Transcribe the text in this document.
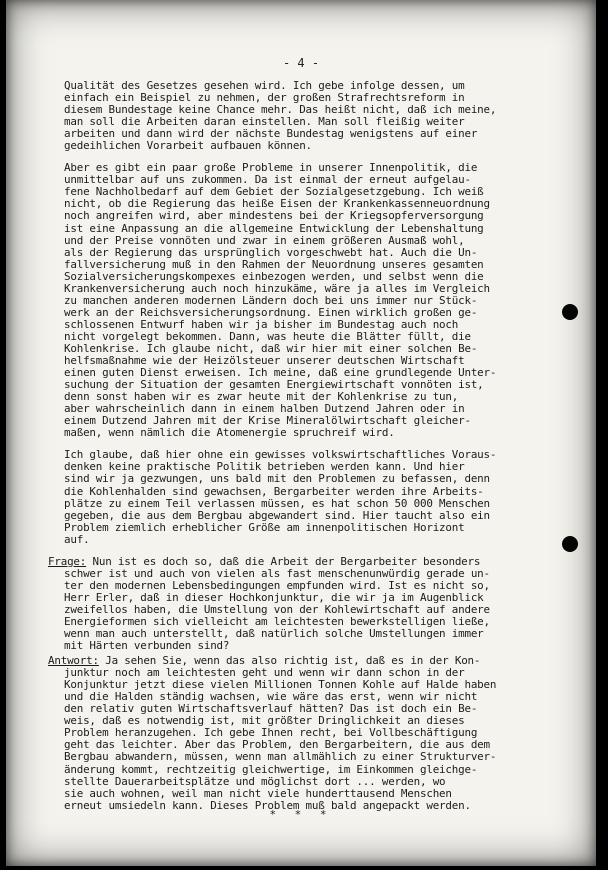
- 4 -

Qualität des Gesetzes gesehen wird. Ich gebe infolge dessen, um
einfach ein Beispiel zu nehmen, der großen Strafrechtsreform in
diesem Bundestage keine Chance mehr. Das heißt nicht, daß ich meine,
man soll die Arbeiten daran einstellen. Man soll fleißig weiter
arbeiten und dann wird der nächste Bundestag wenigstens auf einer
gedeihlichen Vorarbeit aufbauen können.

Aber es gibt ein paar große Probleme in unserer Innenpolitik, die
unmittelbar auf uns zukommen. Da ist einmal der erneut aufgelau-
fene Nachholbedarf auf dem Gebiet der Sozialgesetzgebung. Ich weiß
nicht, ob die Regierung das heiße Eisen der Krankenkassenneuordnung
noch angreifen wird, aber mindestens bei der Kriegsopferversorgung
ist eine Anpassung an die allgemeine Entwicklung der Lebenshaltung
und der Preise vonnöten und zwar in einem größeren Ausmaß wohl,
als der Regierung das ursprünglich vorgeschwebt hat. Auch die Un-
fallversicherung muß in den Rahmen der Neuordnung unseres gesamten
Sozialversicherungskompexes einbezogen werden, und selbst wenn die
Krankenversicherung auch noch hinzukäme, wäre ja alles im Vergleich
zu manchen anderen modernen Ländern doch bei uns immer nur Stück-
werk an der Reichsversicherungsordnung. Einen wirklich großen ge-
schlossenen Entwurf haben wir ja bisher im Bundestag auch noch
nicht vorgelegt bekommen. Dann, was heute die Blätter füllt, die
Kohlenkrise. Ich glaube nicht, daß wir hier mit einer solchen Be-
helfsmaßnahme wie der Heizölsteuer unserer deutschen Wirtschaft
einen guten Dienst erweisen. Ich meine, daß eine grundlegende Unter-
suchung der Situation der gesamten Energiewirtschaft vonnöten ist,
denn sonst haben wir es zwar heute mit der Kohlenkrise zu tun,
aber wahrscheinlich dann in einem halben Dutzend Jahren oder in
einem Dutzend Jahren mit der Krise Mineralölwirtschaft gleicher-
maßen, wenn nämlich die Atomenergie spruchreif wird.

Ich glaube, daß hier ohne ein gewisses volkswirtschaftliches Voraus-
denken keine praktische Politik betrieben werden kann. Und hier
sind wir ja gezwungen, uns bald mit den Problemen zu befassen, denn
die Kohlenhalden sind gewachsen, Bergarbeiter werden ihre Arbeits-
plätze zu einem Teil verlassen müssen, es hat schon 50 000 Menschen
gegeben, die aus dem Bergbau abgewandert sind. Hier taucht also ein
Problem ziemlich erheblicher Größe am innenpolitischen Horizont
auf.

Frage: Nun ist es doch so, daß die Arbeit der Bergarbeiter besonders
schwer ist und auch von vielen als fast menschenunwürdig gerade un-
ter den modernen Lebensbedingungen empfunden wird. Ist es nicht so,
Herr Erler, daß in dieser Hochkonjunktur, die wir ja im Augenblick
zweifellos haben, die Umstellung von der Kohlewirtschaft auf andere
Energieformen sich vielleicht am leichtesten bewerkstelligen ließe,
wenn man auch unterstellt, daß natürlich solche Umstellungen immer
mit Härten verbunden sind?
Antwort: Ja sehen Sie, wenn das also richtig ist, daß es in der Kon-
junktur noch am leichtesten geht und wenn wir dann schon in der
Konjunktur jetzt diese vielen Millionen Tonnen Kohle auf Halde haben
und die Halden ständig wachsen, wie wäre das erst, wenn wir nicht
den relativ guten Wirtschaftsverlauf hätten? Das ist doch ein Be-
weis, daß es notwendig ist, mit größter Dringlichkeit an dieses
Problem heranzugehen. Ich gebe Ihnen recht, bei Vollbeschäftigung
geht das leichter. Aber das Problem, den Bergarbeitern, die aus dem
Bergbau abwandern, müssen, wenn man allmählich zu einer Strukturver-
änderung kommt, rechtzeitig gleichwertige, im Einkommen gleichge-
stellte Dauerarbeitsplätze und möglichst dort ... werden, wo
sie auch wohnen, weil man nicht viele hunderttausend Menschen
erneut umsiedeln kann. Dieses Problem muß bald angepackt werden.
* * *
